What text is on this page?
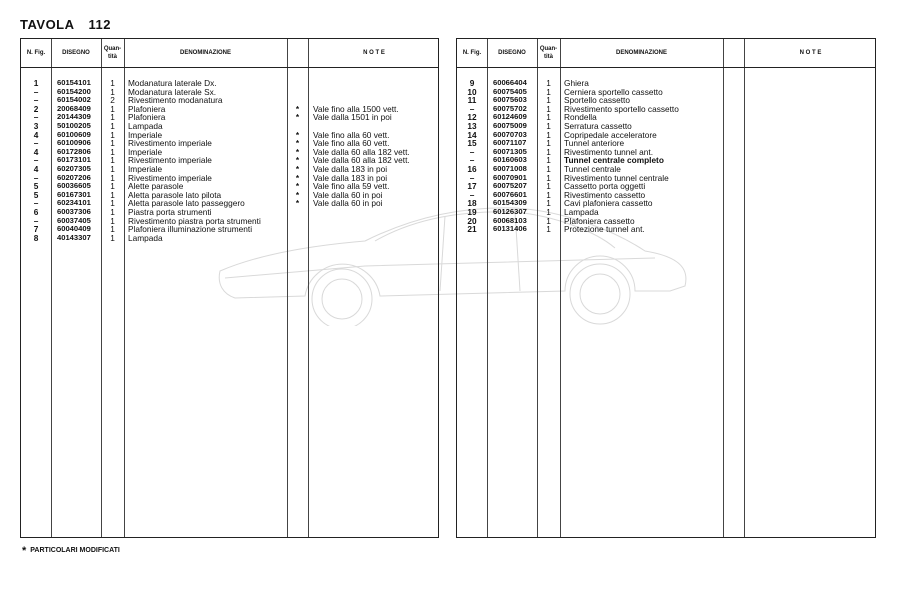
TAVOLA 112
N. Fig.	DISEGNO
Quan- tità
DENOMINAZIONE	N O T E
1	60154101	1	Modanatura laterale Dx.
–	60154200	1	Modanatura laterale Sx.
–	60154002	2	Rivestimento modanatura
2	20068409	1	Plafoniera	*	Vale fino alla 1500 vett.
–	20144309	1	Plafoniera	*	Vale dalla 1501 in poi
3	50100205	1	Lampada
4	60100609	1	Imperiale	*	Vale fino alla 60 vett.
–	60100906	1	Rivestimento imperiale	*	Vale fino alla 60 vett.
4	60172806	1	Imperiale	*	Vale dalla 60 alla 182 vett.
–	60173101	1	Rivestimento imperiale	*	Vale dalla 60 alla 182 vett.
4	60207305	1	Imperiale	*	Vale dalla 183 in poi
–	60207206	1	Rivestimento imperiale	*	Vale dalla 183 in poi
5	60036605	1	Alette parasole	*	Vale fino alla 59 vett.
5	60167301	1	Aletta parasole lato pilota	*	Vale dalla 60 in poi
–	60234101	1	Aletta parasole lato passeggero	*	Vale dalla 60 in poi
6	60037306	1	Piastra porta strumenti
–	60037405	1	Rivestimento piastra porta strumenti
7	60040409	1	Plafoniera illuminazione strumenti
8	40143307	1	Lampada
N. Fig.	DISEGNO
Quan- tità
DENOMINAZIONE	N O T E
9	60066404	1	Ghiera
10	60075405	1	Cerniera sportello cassetto
11	60075603	1	Sportello cassetto
–	60075702	1	Rivestimento sportello cassetto
12	60124609	1	Rondella
13	60075009	1	Serratura cassetto
14	60070703	1	Copripedale acceleratore
15	60071107	1	Tunnel anteriore
–	60071305	1	Rivestimento tunnel ant.
–	60160603	1	Tunnel centrale completo
16	60071008	1	Tunnel centrale
–	60070901	1	Rivestimento tunnel centrale
17	60075207	1	Cassetto porta oggetti
–	60076601	1	Rivestimento cassetto
18	60154309	1	Cavi plafoniera cassetto
19	60126307	1	Lampada
20	60068103	1	Plafoniera cassetto
21	60131406	1	Protezione tunnel ant.
* PARTICOLARI MODIFICATI
